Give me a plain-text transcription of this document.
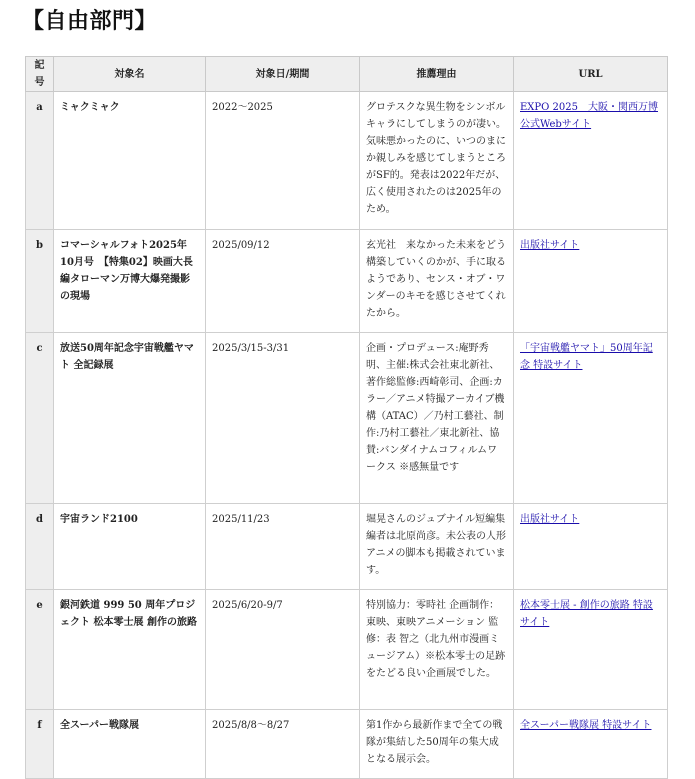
【自由部門】
記号	対象名	対象日/期間	推薦理由	URL
a	ミャクミャク	2022〜2025	グロテスクな異生物をシンボルキャラにしてしまうのが凄い。気味悪かったのに、いつのまにか親しみを感じてしまうところがSF的。発表は2022年だが、広く使用されたのは2025年のため。	EXPO 2025　大阪・関西万博 公式Webサイト
b	コマーシャルフォト2025年10月号　【特集02】映画大長編タローマン万博大爆発撮影の現場	2025/09/12	玄光社　来なかった未来をどう構築していくのかが、手に取るようであり、センス・オブ・ワンダーのキモを感じさせてくれたから。	出版社サイト
c	放送50周年記念宇宙戦艦ヤマト 全記録展	2025/3/15-3/31	企画・プロデュース:庵野秀明、主催:株式会社東北新社、著作総監修:西崎彰司、企画:カラー／アニメ特撮アーカイブ機構（ATAC）／乃村工藝社、制作:乃村工藝社／東北新社、協賛:バンダイナムコフィルムワークス ※感無量です	「宇宙戦艦ヤマト」50周年記念 特設サイト
d	宇宙ランド2100	2025/11/23	堀晃さんのジュブナイル短編集　編者は北原尚彦。未公表の人形アニメの脚本も掲載されています。	出版社サイト
e	銀河鉄道 999 50 周年プロジェクト 松本零士展 創作の旅路	2025/6/20-9/7	特別協力：零時社 企画制作：東映、東映アニメーション 監修：表 智之（北九州市漫画ミュージアム）※松本零士の足跡をたどる良い企画展でした。	松本零士展 - 創作の旅路 特設サイト
f	全スーパー戦隊展	2025/8/8〜8/27	第1作から最新作まで全ての戦隊が集結した50周年の集大成となる展示会。	全スーパー戦隊展 特設サイト
